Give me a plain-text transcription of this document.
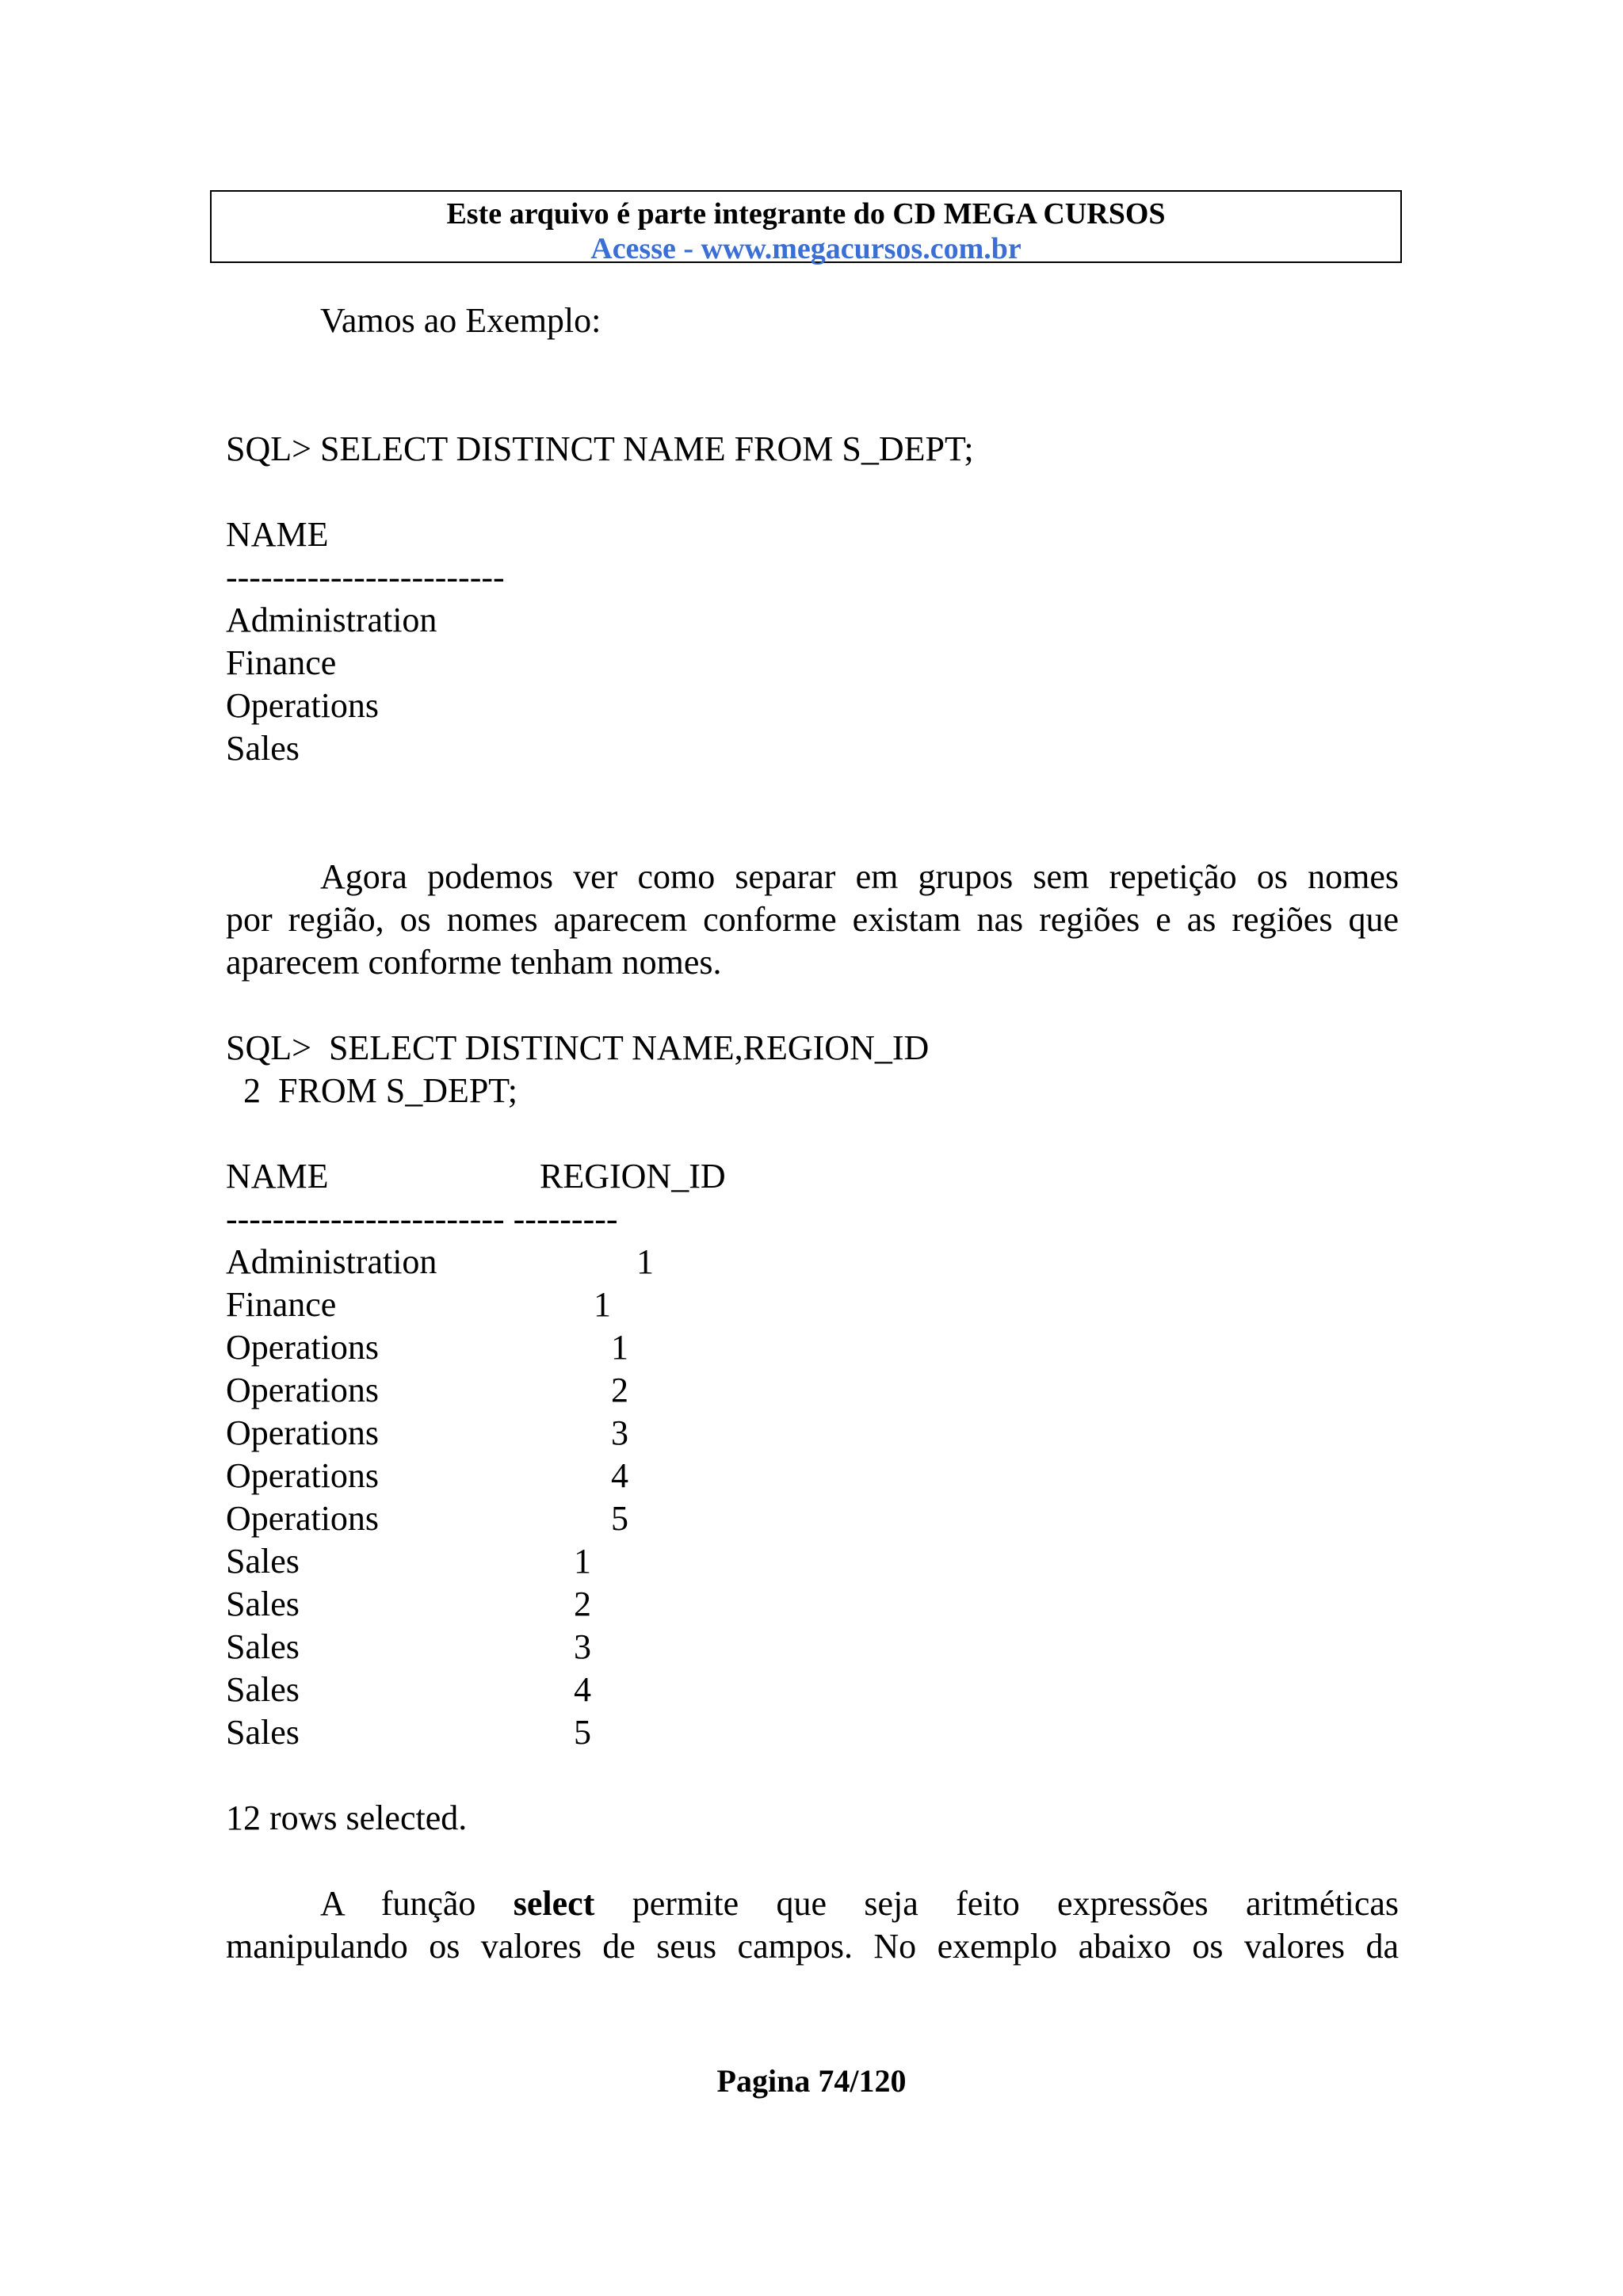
Este arquivo é parte integrante do CD MEGA CURSOS
Acesse - www.megacursos.com.br
Vamos ao Exemplo:
SQL> SELECT DISTINCT NAME FROM S_DEPT;
NAME
------------------------
Administration
Finance
Operations
Sales
Agora podemos ver como separar em grupos sem repetição os nomes
por região, os nomes aparecem conforme existam nas regiões e as regiões que
aparecem conforme tenham nomes.
SQL>  SELECT DISTINCT NAME,REGION_ID
2  FROM S_DEPT;
NAME	REGION_ID
------------------------ ---------
Administration	1
Finance	1
Operations	1
Operations	2
Operations	3
Operations	4
Operations	5
Sales	1
Sales	2
Sales	3
Sales	4
Sales	5
12 rows selected.
A função select permite que seja feito expressões aritméticas
manipulando os valores de seus campos. No exemplo abaixo os valores da
Pagina 74/120
